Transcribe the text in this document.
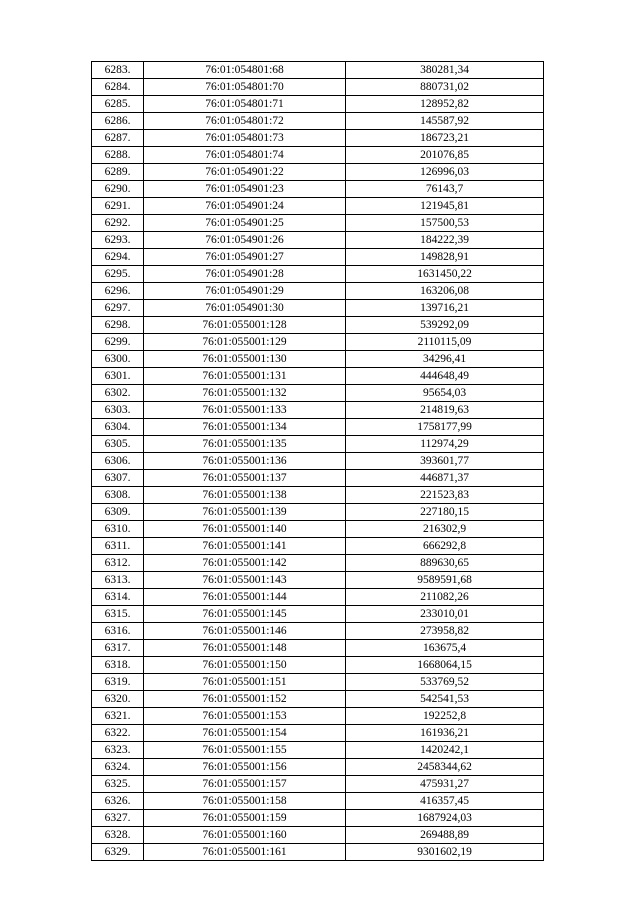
6283.	76:01:054801:68	380281,34
6284.	76:01:054801:70	880731,02
6285.	76:01:054801:71	128952,82
6286.	76:01:054801:72	145587,92
6287.	76:01:054801:73	186723,21
6288.	76:01:054801:74	201076,85
6289.	76:01:054901:22	126996,03
6290.	76:01:054901:23	76143,7
6291.	76:01:054901:24	121945,81
6292.	76:01:054901:25	157500,53
6293.	76:01:054901:26	184222,39
6294.	76:01:054901:27	149828,91
6295.	76:01:054901:28	1631450,22
6296.	76:01:054901:29	163206,08
6297.	76:01:054901:30	139716,21
6298.	76:01:055001:128	539292,09
6299.	76:01:055001:129	2110115,09
6300.	76:01:055001:130	34296,41
6301.	76:01:055001:131	444648,49
6302.	76:01:055001:132	95654,03
6303.	76:01:055001:133	214819,63
6304.	76:01:055001:134	1758177,99
6305.	76:01:055001:135	112974,29
6306.	76:01:055001:136	393601,77
6307.	76:01:055001:137	446871,37
6308.	76:01:055001:138	221523,83
6309.	76:01:055001:139	227180,15
6310.	76:01:055001:140	216302,9
6311.	76:01:055001:141	666292,8
6312.	76:01:055001:142	889630,65
6313.	76:01:055001:143	9589591,68
6314.	76:01:055001:144	211082,26
6315.	76:01:055001:145	233010,01
6316.	76:01:055001:146	273958,82
6317.	76:01:055001:148	163675,4
6318.	76:01:055001:150	1668064,15
6319.	76:01:055001:151	533769,52
6320.	76:01:055001:152	542541,53
6321.	76:01:055001:153	192252,8
6322.	76:01:055001:154	161936,21
6323.	76:01:055001:155	1420242,1
6324.	76:01:055001:156	2458344,62
6325.	76:01:055001:157	475931,27
6326.	76:01:055001:158	416357,45
6327.	76:01:055001:159	1687924,03
6328.	76:01:055001:160	269488,89
6329.	76:01:055001:161	9301602,19
